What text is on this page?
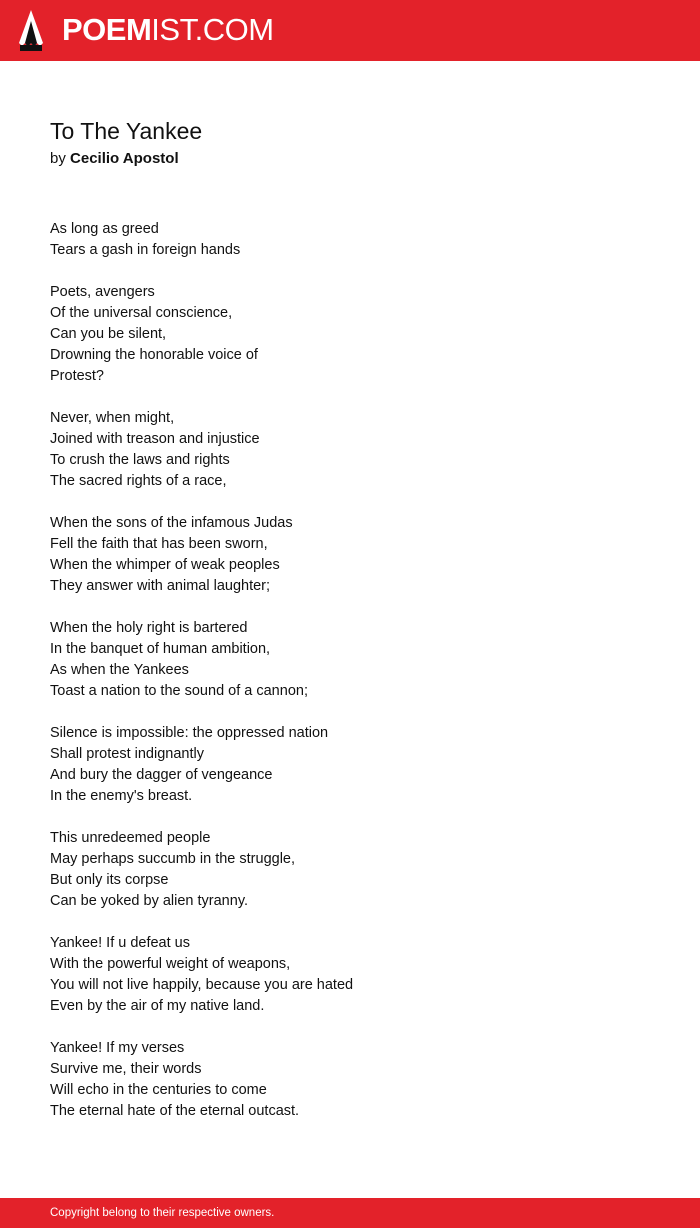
POEMIST.COM
To The Yankee
by Cecilio Apostol
As long as greed
Tears a gash in foreign hands
Poets, avengers
Of the universal conscience,
Can you be silent,
Drowning the honorable voice of
Protest?
Never, when might,
Joined with treason and injustice
To crush the laws and rights
The sacred rights of a race,
When the sons of the infamous Judas
Fell the faith that has been sworn,
When the whimper of weak peoples
They answer with animal laughter;
When the holy right is bartered
In the banquet of human ambition,
As when the Yankees
Toast a nation to the sound of a cannon;
Silence is impossible: the oppressed nation
Shall protest indignantly
And bury the dagger of vengeance
In the enemy's breast.
This unredeemed people
May perhaps succumb in the struggle,
But only its corpse
Can be yoked by alien tyranny.
Yankee! If u defeat us
With the powerful weight of weapons,
You will not live happily, because you are hated
Even by the air of my native land.
Yankee! If my verses
Survive me, their words
Will echo in the centuries to come
The eternal hate of the eternal outcast.
Copyright belong to their respective owners.
